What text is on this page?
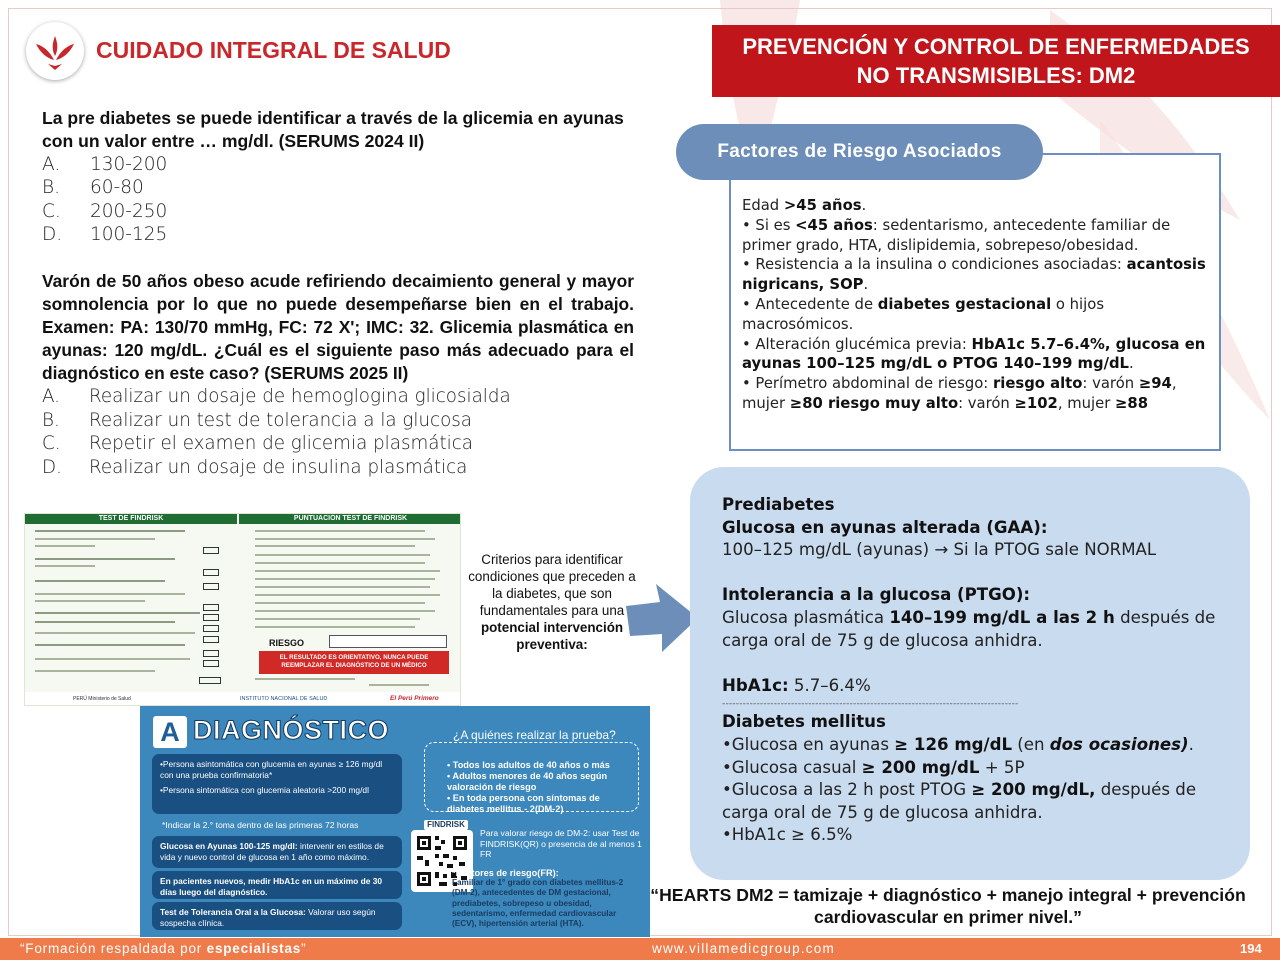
CUIDADO INTEGRAL DE SALUD	PREVENCIÓN Y CONTROL DE ENFERMEDADES
NO TRANSMISIBLES: DM2
La pre diabetes se puede identificar a través de la glicemia en ayunas con un valor entre … mg/dl. (SERUMS 2024 II)
A.	130-200
B.	60-80
C.	200-250
D.	100-125
Varón de 50 años obeso acude refiriendo decaimiento general y mayor somnolencia por lo que no puede desempeñarse bien en el trabajo. Examen: PA: 130/70 mmHg, FC: 72 X'; IMC: 32. Glicemia plasmática en ayunas: 120 mg/dL. ¿Cuál es el siguiente paso más adecuado para el diagnóstico en este caso? (SERUMS 2025 II)
A.	Realizar un dosaje de hemoglogina glicosialda
B.	Realizar un test de tolerancia a la glucosa
C.	Repetir el examen de glicemia plasmática
D.	Realizar un dosaje de insulina plasmática
TEST DE FINDRISK	PUNTUACIÓN TEST DE FINDRISK
RIESGO
EL RESULTADO ES ORIENTATIVO, NUNCA PUEDE REEMPLAZAR EL DIAGNÓSTICO DE UN MÉDICO
PERÚ Ministerio de Salud	INSTITUTO NACIONAL DE SALUD	El Perú Primero
Criterios para identificar condiciones que preceden a la diabetes, que son fundamentales para una potencial intervención preventiva:
A DIAGNÓSTICO
•Persona asintomática con glucemia en ayunas ≥ 126 mg/dl con una prueba confirmatoria*
•Persona sintomática con glucemia aleatoria >200 mg/dl
*Indicar la 2.° toma dentro de las primeras 72 horas
Glucosa en Ayunas 100-125 mg/dl: intervenir en estilos de vida y nuevo control de glucosa en 1 año como máximo.
En pacientes nuevos, medir HbA1c en un máximo de 30 días luego del diagnóstico.
Test de Tolerancia Oral a la Glucosa: Valorar uso según sospecha clínica.
¿A quiénes realizar la prueba?
• Todos los adultos de 40 años o más
• Adultos menores de 40 años según valoración de riesgo
• En toda persona con síntomas de diabetes mellitus - 2(DM-2)
FINDRISK
Para valorar riesgo de DM-2: usar Test de FINDRISK(QR) o presencia de al menos 1 FR
*Factores de riesgo(FR):
Familiar de 1° grado con diabetes mellitus-2 (DM-2), antecedentes de DM gestacional, prediabetes, sobrepeso u obesidad, sedentarismo, enfermedad cardiovascular (ECV), hipertensión arterial (HTA).
Factores de Riesgo Asociados
Edad >45 años.
• Si es <45 años: sedentarismo, antecedente familiar de primer grado, HTA, dislipidemia, sobrepeso/obesidad.
• Resistencia a la insulina o condiciones asociadas: acantosis nigricans, SOP.
• Antecedente de diabetes gestacional o hijos macrosómicos.
• Alteración glucémica previa: HbA1c 5.7–6.4%, glucosa en ayunas 100–125 mg/dL o PTOG 140–199 mg/dL.
• Perímetro abdominal de riesgo: riesgo alto: varón ≥94, mujer ≥80 riesgo muy alto: varón ≥102, mujer ≥88
Prediabetes
Glucosa en ayunas alterada (GAA):
100–125 mg/dL (ayunas) → Si la PTOG sale NORMAL
Intolerancia a la glucosa (PTGO):
Glucosa plasmática 140–199 mg/dL a las 2 h después de carga oral de 75 g de glucosa anhidra.
HbA1c: 5.7–6.4%
--------------------------------------------------------------------------------------
Diabetes mellitus
•Glucosa en ayunas ≥ 126 mg/dL (en dos ocasiones).
•Glucosa casual ≥ 200 mg/dL + 5P
•Glucosa a las 2 h post PTOG ≥ 200 mg/dL, después de carga oral de 75 g de glucosa anhidra.
•HbA1c ≥ 6.5%
“HEARTS DM2 = tamizaje + diagnóstico + manejo integral + prevención cardiovascular en primer nivel.”
“Formación respaldada por especialistas”	www.villamedicgroup.com	194
